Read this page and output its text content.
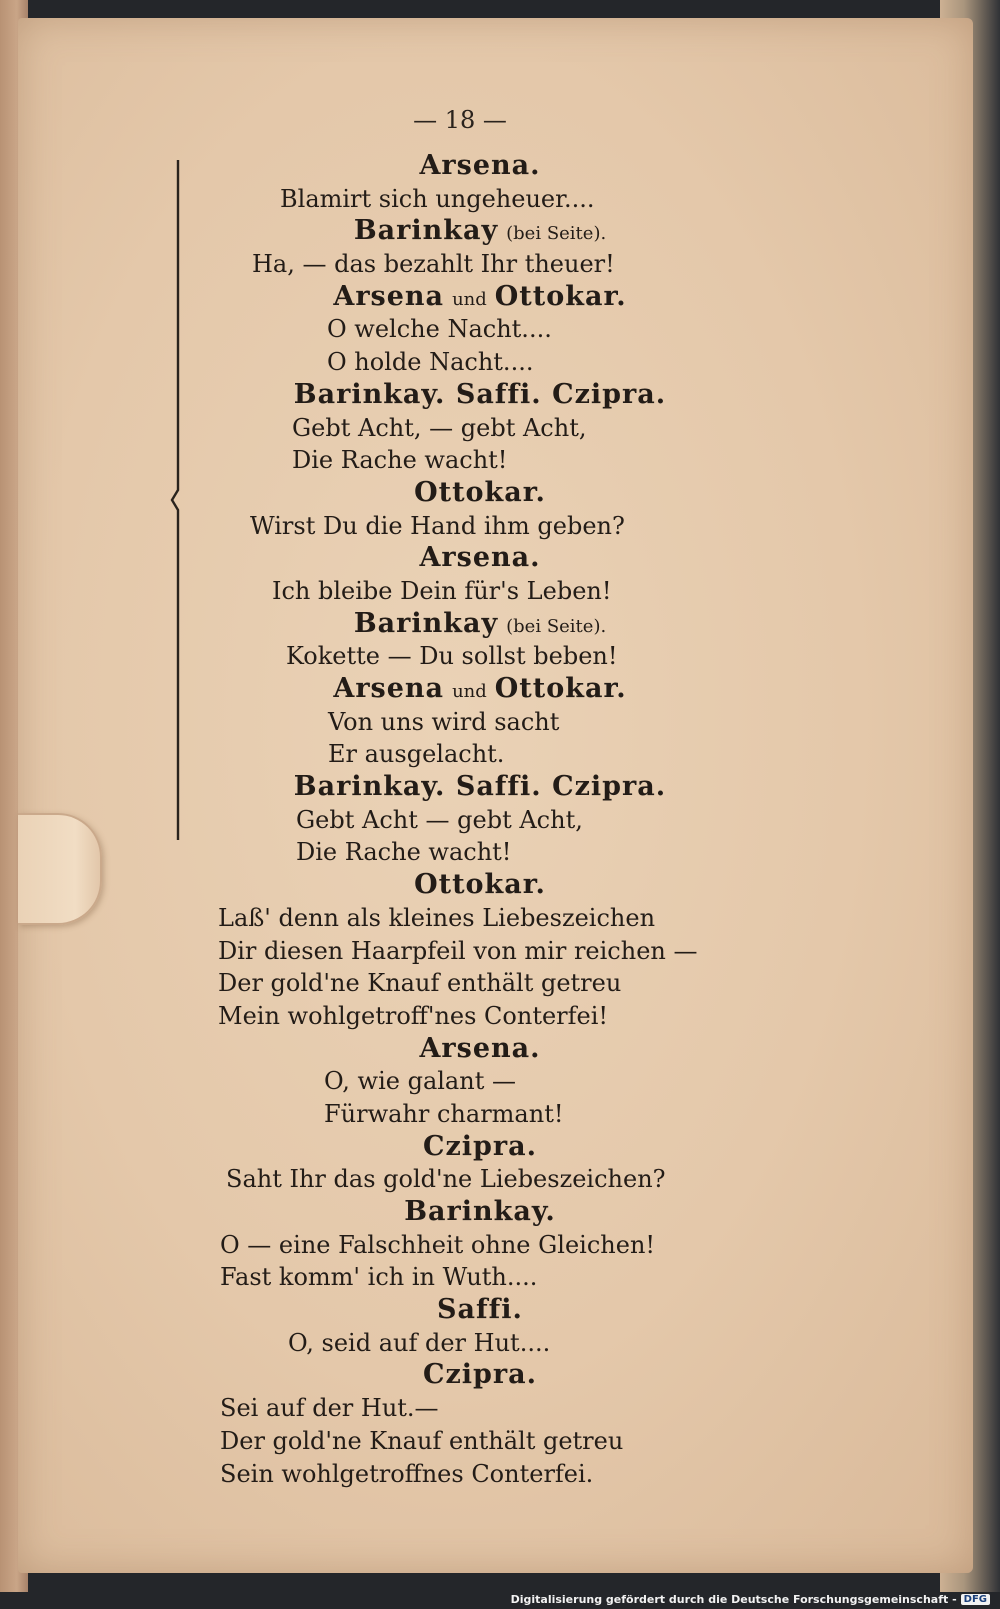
— 18 —
Arsena.
Blamirt sich ungeheuer....
Barinkay (bei Seite).
Ha, — das bezahlt Ihr theuer!
Arsena und Ottokar.
O welche Nacht....
O holde Nacht....
Barinkay. Saffi. Czipra.
Gebt Acht, — gebt Acht,
Die Rache wacht!
Ottokar.
Wirst Du die Hand ihm geben?
Arsena.
Ich bleibe Dein für's Leben!
Barinkay (bei Seite).
Kokette — Du sollst beben!
Arsena und Ottokar.
Von uns wird sacht
Er ausgelacht.
Barinkay. Saffi. Czipra.
Gebt Acht — gebt Acht,
Die Rache wacht!
Ottokar.
Laß' denn als kleines Liebeszeichen
Dir diesen Haarpfeil von mir reichen —
Der gold'ne Knauf enthält getreu
Mein wohlgetroff'nes Conterfei!
Arsena.
O, wie galant —
Fürwahr charmant!
Czipra.
Saht Ihr das gold'ne Liebeszeichen?
Barinkay.
O — eine Falschheit ohne Gleichen!
Fast komm' ich in Wuth....
Saffi.
O, seid auf der Hut....
Czipra.
Sei auf der Hut.—
Der gold'ne Knauf enthält getreu
Sein wohlgetroffnes Conterfei.
Digitalisierung gefördert durch die Deutsche Forschungsgemeinschaft - DFG
